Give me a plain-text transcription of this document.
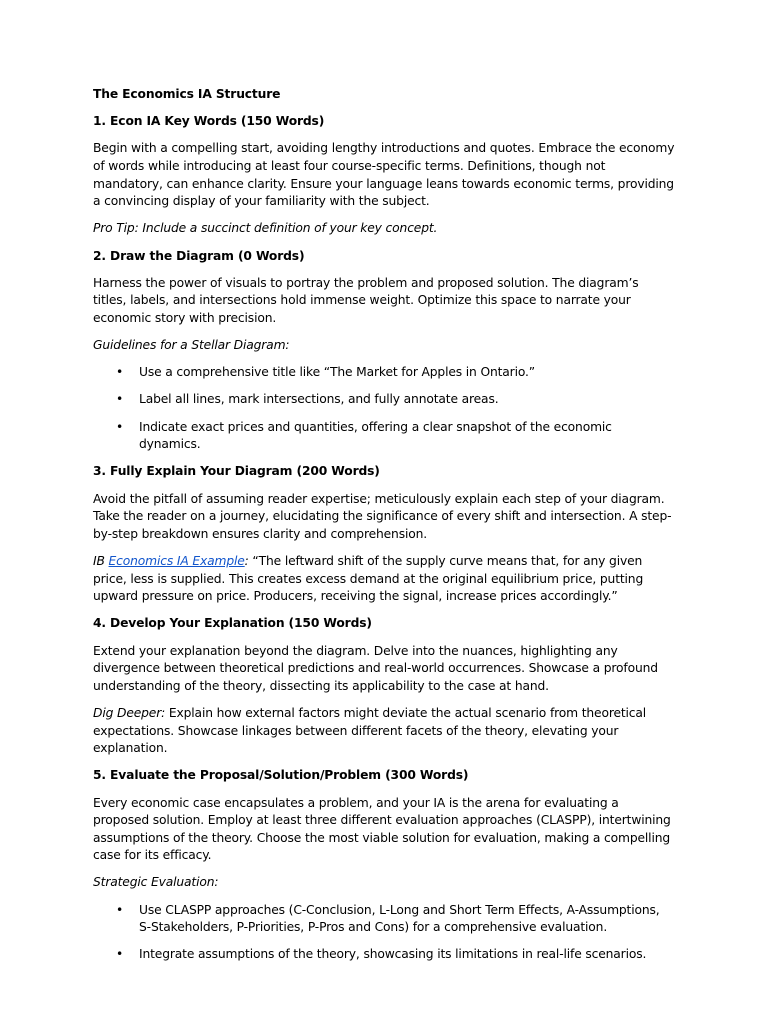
The Economics IA Structure

1. Econ IA Key Words (150 Words)

Begin with a compelling start, avoiding lengthy introductions and quotes. Embrace the economy of words while introducing at least four course-specific terms. Definitions, though not mandatory, can enhance clarity. Ensure your language leans towards economic terms, providing a convincing display of your familiarity with the subject.

Pro Tip: Include a succinct definition of your key concept.

2. Draw the Diagram (0 Words)

Harness the power of visuals to portray the problem and proposed solution. The diagram’s titles, labels, and intersections hold immense weight. Optimize this space to narrate your economic story with precision.

Guidelines for a Stellar Diagram:

• Use a comprehensive title like “The Market for Apples in Ontario.”
• Label all lines, mark intersections, and fully annotate areas.
• Indicate exact prices and quantities, offering a clear snapshot of the economic dynamics.

3. Fully Explain Your Diagram (200 Words)

Avoid the pitfall of assuming reader expertise; meticulously explain each step of your diagram. Take the reader on a journey, elucidating the significance of every shift and intersection. A step-by-step breakdown ensures clarity and comprehension.

IB Economics IA Example: “The leftward shift of the supply curve means that, for any given price, less is supplied. This creates excess demand at the original equilibrium price, putting upward pressure on price. Producers, receiving the signal, increase prices accordingly.”

4. Develop Your Explanation (150 Words)

Extend your explanation beyond the diagram. Delve into the nuances, highlighting any divergence between theoretical predictions and real-world occurrences. Showcase a profound understanding of the theory, dissecting its applicability to the case at hand.

Dig Deeper: Explain how external factors might deviate the actual scenario from theoretical expectations. Showcase linkages between different facets of the theory, elevating your explanation.

5. Evaluate the Proposal/Solution/Problem (300 Words)

Every economic case encapsulates a problem, and your IA is the arena for evaluating a proposed solution. Employ at least three different evaluation approaches (CLASPP), intertwining assumptions of the theory. Choose the most viable solution for evaluation, making a compelling case for its efficacy.

Strategic Evaluation:

• Use CLASPP approaches (C-Conclusion, L-Long and Short Term Effects, A-Assumptions, S-Stakeholders, P-Priorities, P-Pros and Cons) for a comprehensive evaluation.
• Integrate assumptions of the theory, showcasing its limitations in real-life scenarios.
